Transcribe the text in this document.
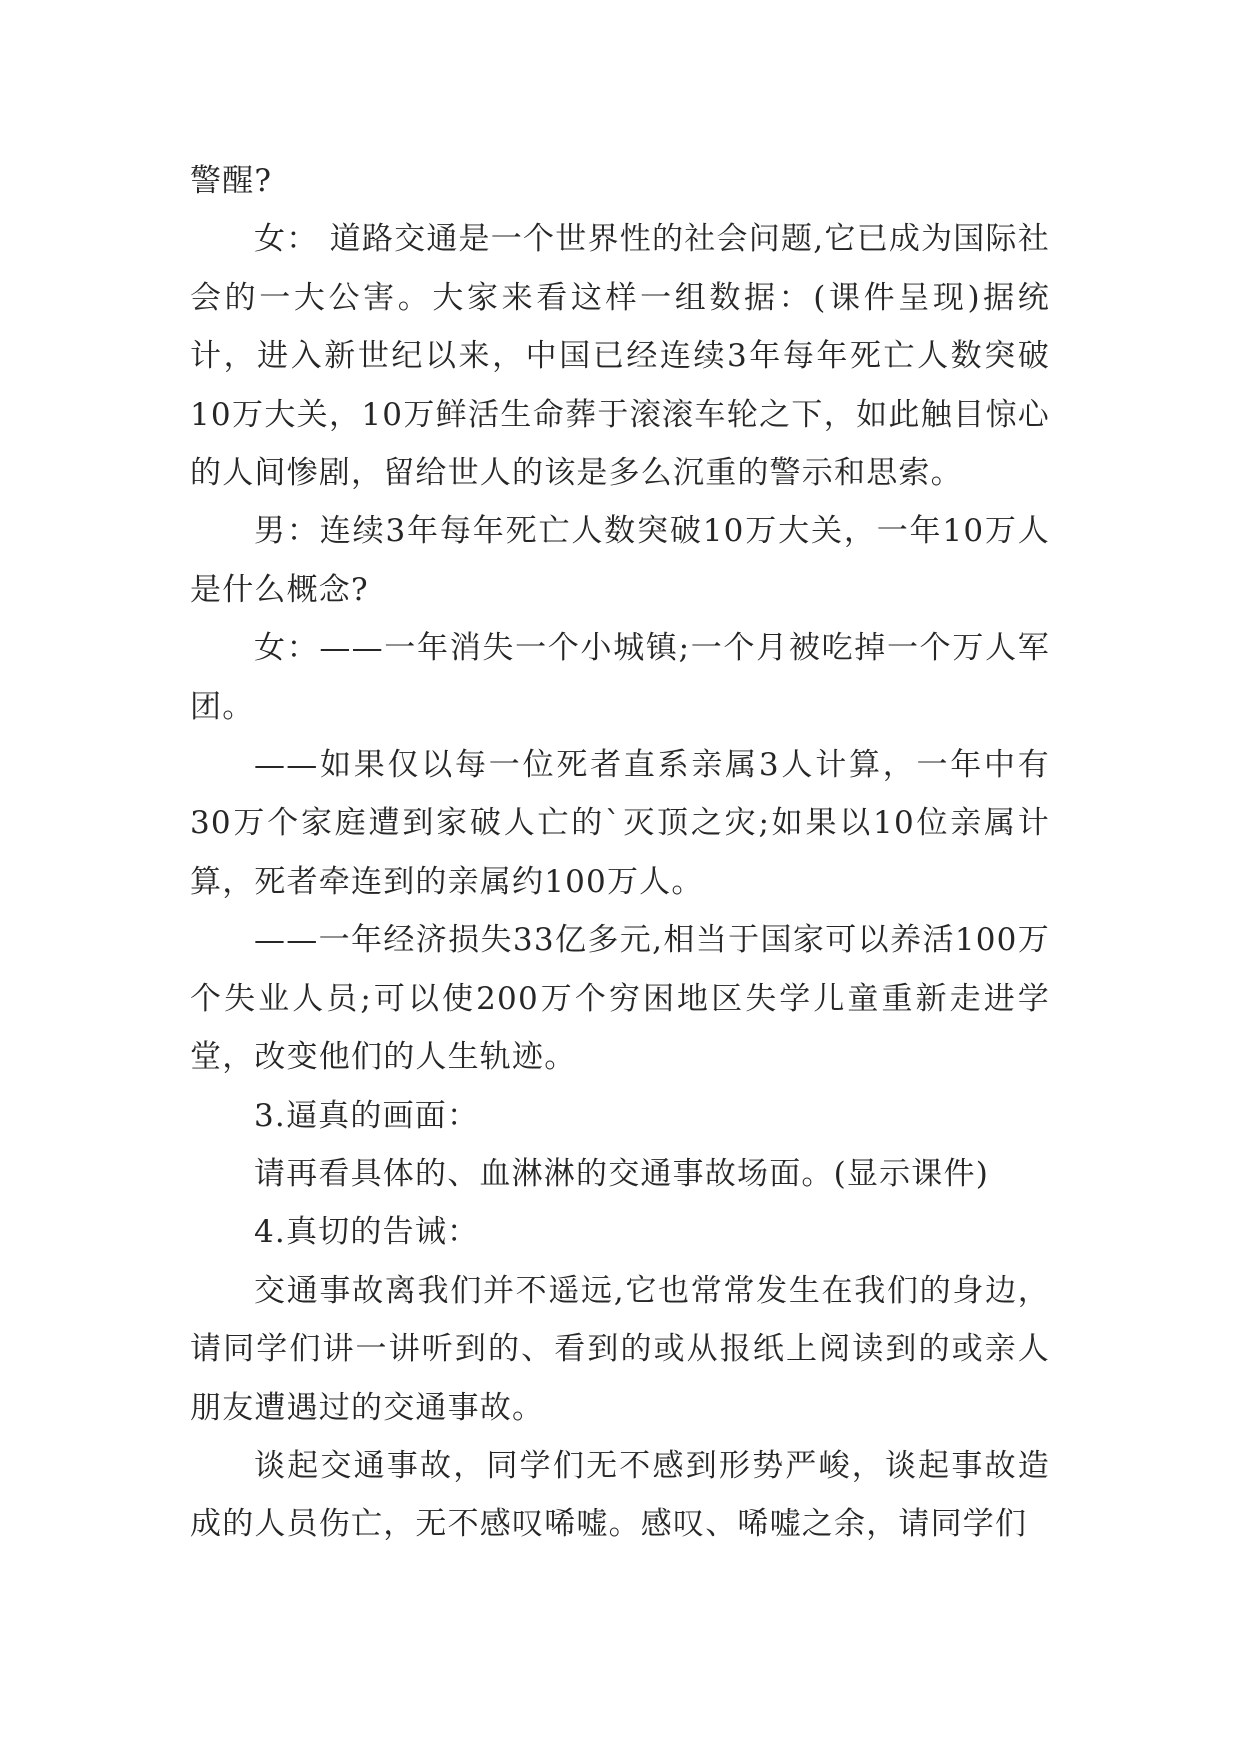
警醒?

女： 道路交通是一个世界性的社会问题,它已成为国际社会的一大公害。大家来看这样一组数据：(课件呈现)据统计，进入新世纪以来，中国已经连续3年每年死亡人数突破10万大关，10万鲜活生命葬于滚滚车轮之下，如此触目惊心的人间惨剧，留给世人的该是多么沉重的警示和思索。

男：连续3年每年死亡人数突破10万大关，一年10万人是什么概念?

女：——一年消失一个小城镇;一个月被吃掉一个万人军团。

——如果仅以每一位死者直系亲属3人计算，一年中有30万个家庭遭到家破人亡的`灭顶之灾;如果以10位亲属计算，死者牵连到的亲属约100万人。

——一年经济损失33亿多元,相当于国家可以养活100万个失业人员;可以使200万个穷困地区失学儿童重新走进学堂，改变他们的人生轨迹。

3.逼真的画面：

请再看具体的、血淋淋的交通事故场面。(显示课件)

4.真切的告诫：

交通事故离我们并不遥远,它也常常发生在我们的身边，请同学们讲一讲听到的、看到的或从报纸上阅读到的或亲人朋友遭遇过的交通事故。

谈起交通事故，同学们无不感到形势严峻，谈起事故造成的人员伤亡，无不感叹唏嘘。感叹、唏嘘之余，请同学们
